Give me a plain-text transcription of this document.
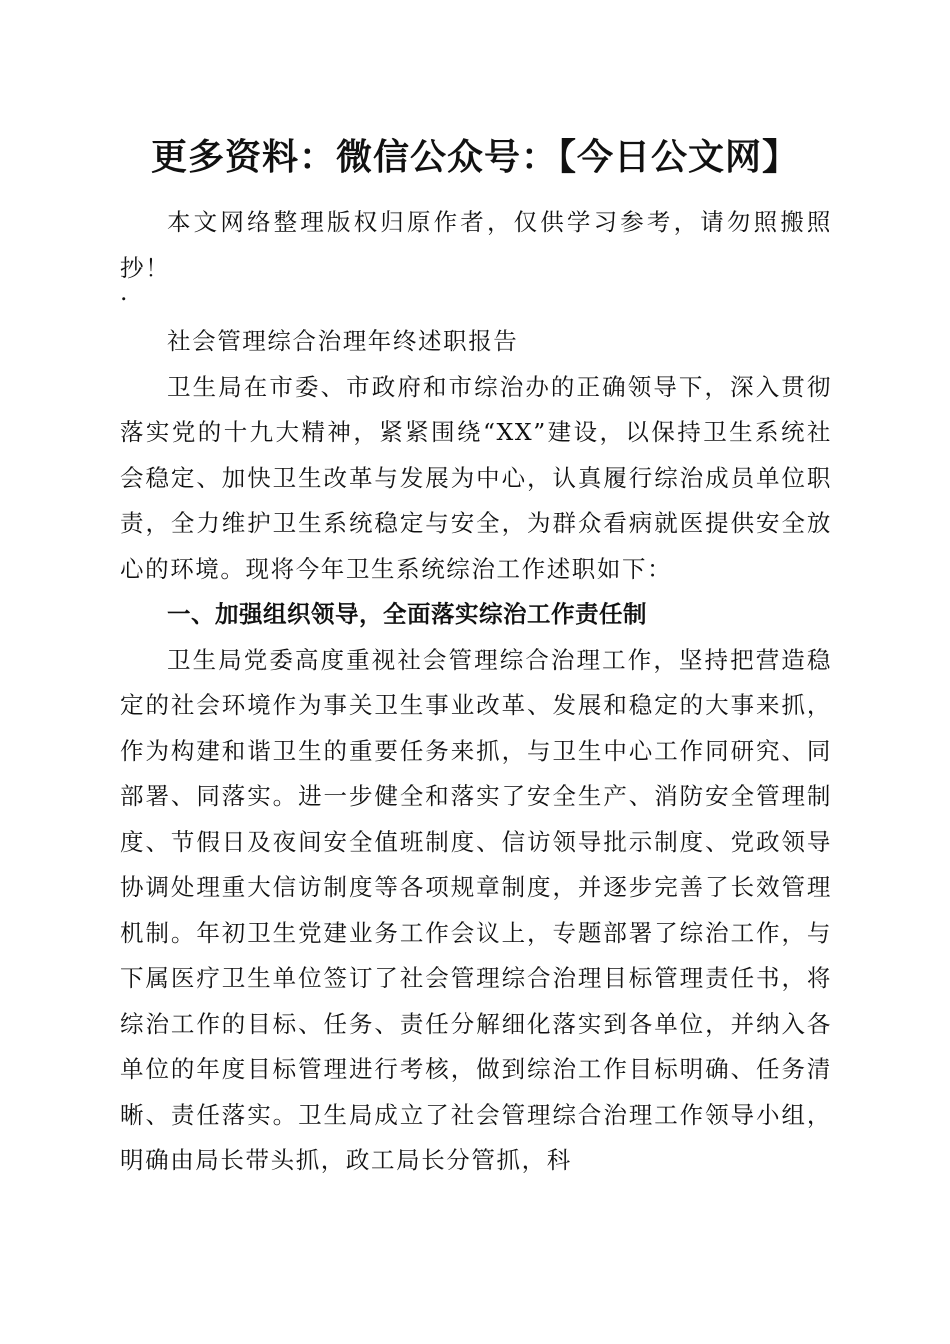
更多资料：微信公众号：【今日公文网】

本文网络整理版权归原作者，仅供学习参考，请勿照搬照抄！

.

社会管理综合治理年终述职报告

卫生局在市委、市政府和市综治办的正确领导下，深入贯彻落实党的十九大精神，紧紧围绕“XX”建设，以保持卫生系统社会稳定、加快卫生改革与发展为中心，认真履行综治成员单位职责，全力维护卫生系统稳定与安全，为群众看病就医提供安全放心的环境。现将今年卫生系统综治工作述职如下：

一、加强组织领导，全面落实综治工作责任制

卫生局党委高度重视社会管理综合治理工作，坚持把营造稳定的社会环境作为事关卫生事业改革、发展和稳定的大事来抓，作为构建和谐卫生的重要任务来抓，与卫生中心工作同研究、同部署、同落实。进一步健全和落实了安全生产、消防安全管理制度、节假日及夜间安全值班制度、信访领导批示制度、党政领导协调处理重大信访制度等各项规章制度，并逐步完善了长效管理机制。年初卫生党建业务工作会议上，专题部署了综治工作，与下属医疗卫生单位签订了社会管理综合治理目标管理责任书，将综治工作的目标、任务、责任分解细化落实到各单位，并纳入各单位的年度目标管理进行考核，做到综治工作目标明确、任务清晰、责任落实。卫生局成立了社会管理综合治理工作领导小组，明确由局长带头抓，政工局长分管抓，科
